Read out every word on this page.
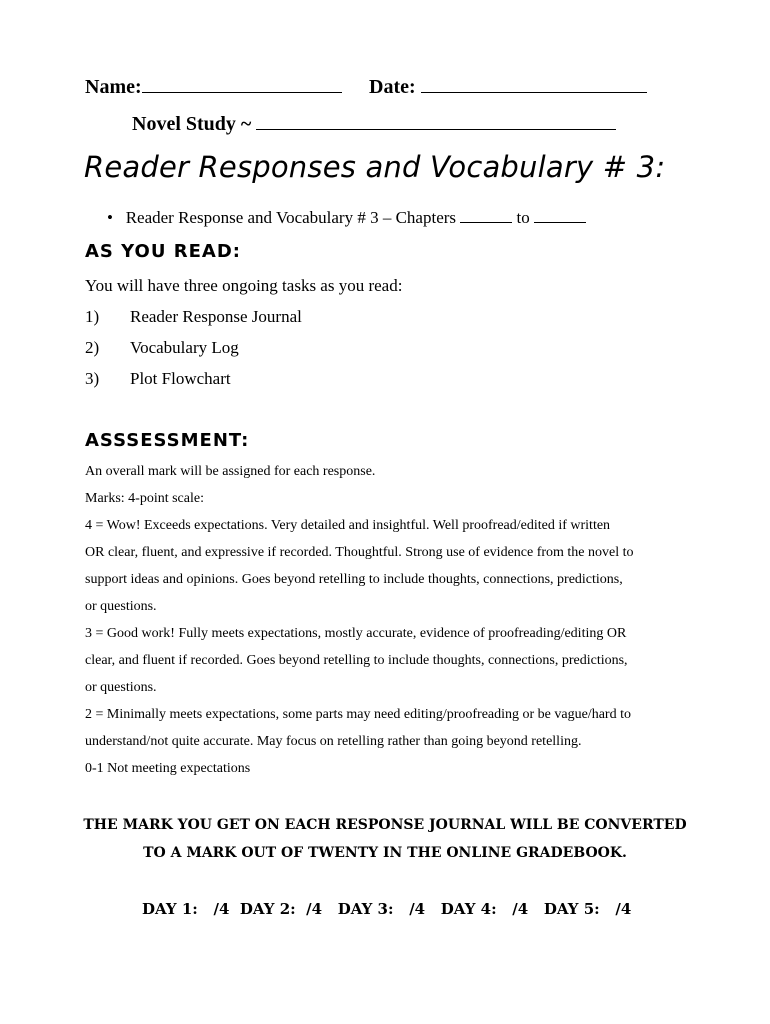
Name:	Date:
Novel Study ~
Reader Responses and Vocabulary # 3:
• Reader Response and Vocabulary # 3 – Chapters	to
AS YOU READ:
You will have three ongoing tasks as you read:
1) Reader Response Journal
2) Vocabulary Log
3) Plot Flowchart
ASSSESSMENT:
An overall mark will be assigned for each response.
Marks: 4-point scale:
4 = Wow! Exceeds expectations. Very detailed and insightful. Well proofread/edited if written
OR clear, fluent, and expressive if recorded. Thoughtful. Strong use of evidence from the novel to
support ideas and opinions. Goes beyond retelling to include thoughts, connections, predictions,
or questions.
3 = Good work! Fully meets expectations, mostly accurate, evidence of proofreading/editing OR
clear, and fluent if recorded. Goes beyond retelling to include thoughts, connections, predictions,
or questions.
2 = Minimally meets expectations, some parts may need editing/proofreading or be vague/hard to
understand/not quite accurate. May focus on retelling rather than going beyond retelling.
0-1 Not meeting expectations
THE MARK YOU GET ON EACH RESPONSE JOURNAL WILL BE CONVERTED
TO A MARK OUT OF TWENTY IN THE ONLINE GRADEBOOK.
DAY 1: /4 DAY 2: /4 DAY 3: /4 DAY 4: /4 DAY 5: /4
